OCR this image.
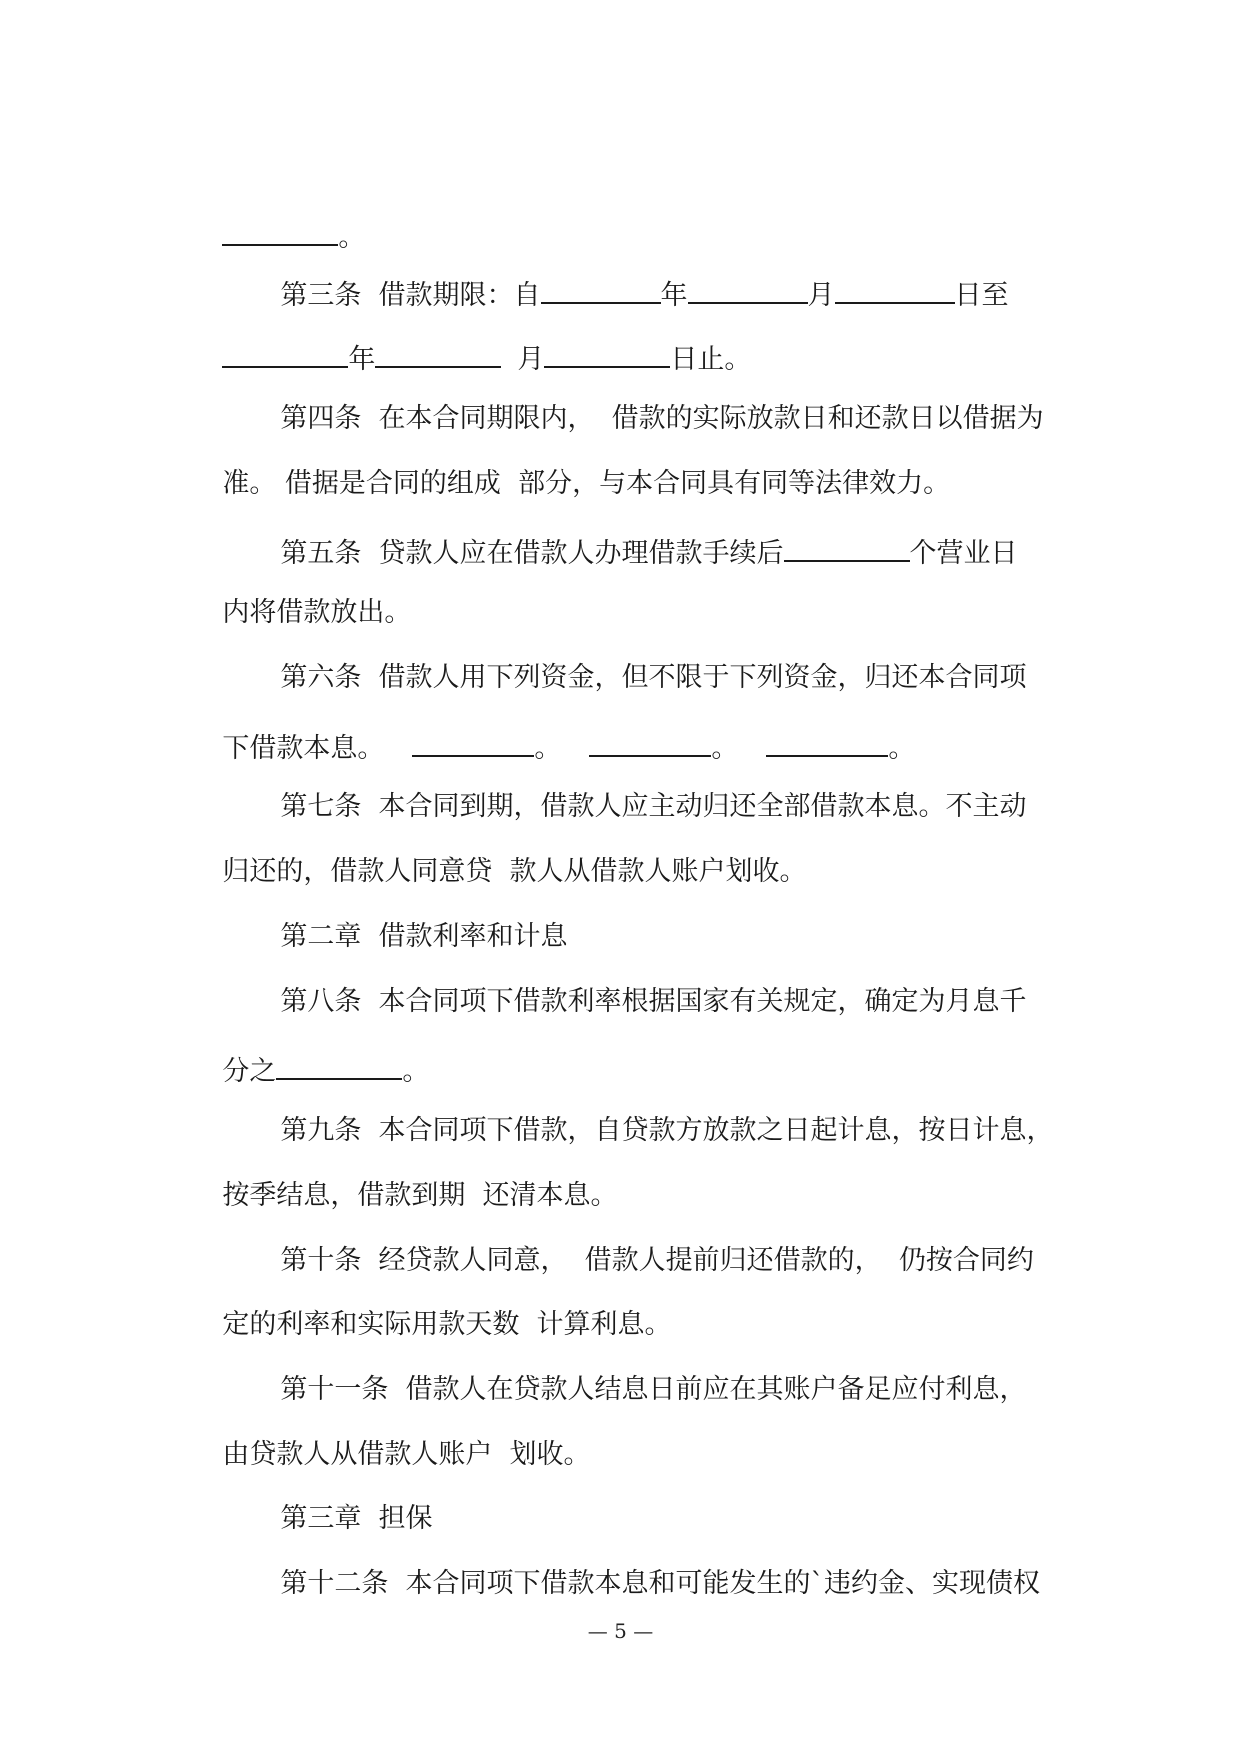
。

第三条  借款期限：自	年	月	日至

年	月	日止。

第四条  在本合同期限内，  借款的实际放款日和还款日以借据为

准。 借据是合同的组成  部分，与本合同具有同等法律效力。

第五条  贷款人应在借款人办理借款手续后	个营业日

内将借款放出。

第六条  借款人用下列资金，但不限于下列资金，归还本合同项

下借款本息。	。	。	。

第七条  本合同到期，借款人应主动归还全部借款本息。不主动

归还的，借款人同意贷  款人从借款人账户划收。

第二章  借款利率和计息

第八条  本合同项下借款利率根据国家有关规定，确定为月息千

分之	。

第九条  本合同项下借款，自贷款方放款之日起计息，按日计息，

按季结息，借款到期  还清本息。

第十条  经贷款人同意，  借款人提前归还借款的，  仍按合同约

定的利率和实际用款天数  计算利息。

第十一条  借款人在贷款人结息日前应在其账户备足应付利息，

由贷款人从借款人账户  划收。

第三章  担保

第十二条  本合同项下借款本息和可能发生的`违约金、实现债权

— 5 —
